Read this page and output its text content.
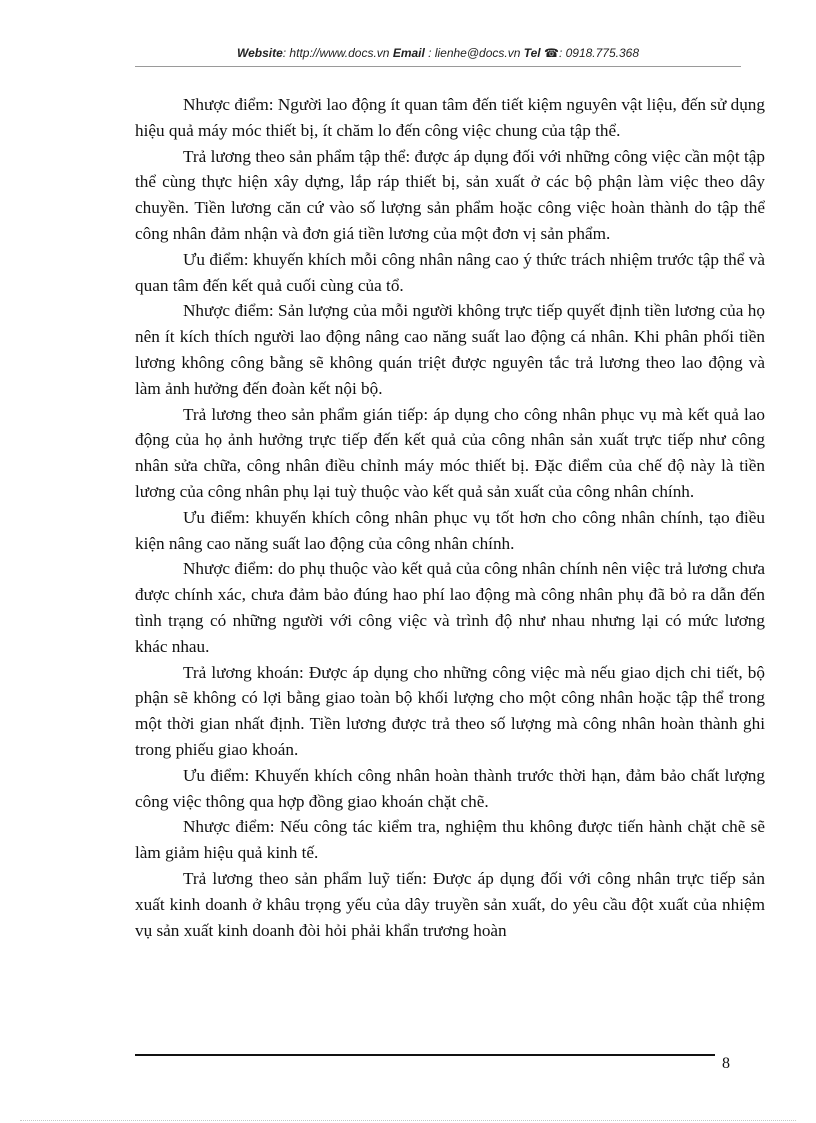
Website: http://www.docs.vn Email : lienhe@docs.vn Tel ☎: 0918.775.368

Nhược điểm: Người lao động ít quan tâm đến tiết kiệm nguyên vật liệu, đến sử dụng hiệu quả máy móc thiết bị, ít chăm lo đến công việc chung của tập thể.

Trả lương theo sản phẩm tập thể: được áp dụng đối với những công việc cần một tập thể cùng thực hiện xây dựng, lắp ráp thiết bị, sản xuất ở các bộ phận làm việc theo dây chuyền. Tiền lương căn cứ vào số lượng sản phẩm hoặc công việc hoàn thành do tập thể công nhân đảm nhận và đơn giá tiền lương của một đơn vị sản phẩm.

Ưu điểm: khuyến khích mỗi công nhân nâng cao ý thức trách nhiệm trước tập thể và quan tâm đến kết quả cuối cùng của tổ.

Nhược điểm: Sản lượng của mỗi người không trực tiếp quyết định tiền lương của họ nên ít kích thích người lao động nâng cao năng suất lao động cá nhân. Khi phân phối tiền lương không công bằng sẽ không quán triệt được nguyên tắc trả lương theo lao động và làm ảnh hưởng đến đoàn kết nội bộ.

Trả lương theo sản phẩm gián tiếp: áp dụng cho công nhân phục vụ mà kết quả lao động của họ ảnh hưởng trực tiếp đến kết quả của công nhân sản xuất trực tiếp như công nhân sửa chữa, công nhân điều chỉnh máy móc thiết bị. Đặc điểm của chế độ này là tiền lương của công nhân phụ lại tuỳ thuộc vào kết quả sản xuất của công nhân chính.

Ưu điểm: khuyến khích công nhân phục vụ tốt hơn cho công nhân chính, tạo điều kiện nâng cao năng suất lao động của công nhân chính.

Nhược điểm: do phụ thuộc vào kết quả của công nhân chính nên việc trả lương chưa được chính xác, chưa đảm bảo đúng hao phí lao động mà công nhân phụ đã bỏ ra dẫn đến tình trạng có những người với công việc và trình độ như nhau nhưng lại có mức lương khác nhau.

Trả lương khoán: Được áp dụng cho những công việc mà nếu giao dịch chi tiết, bộ phận sẽ không có lợi bằng giao toàn bộ khối lượng cho một công nhân hoặc tập thể trong một thời gian nhất định. Tiền lương được trả theo số lượng mà công nhân hoàn thành ghi trong phiếu giao khoán.

Ưu điểm: Khuyến khích công nhân hoàn thành trước thời hạn, đảm bảo chất lượng công việc thông qua hợp đồng giao khoán chặt chẽ.

Nhược điểm: Nếu công tác kiểm tra, nghiệm thu không được tiến hành chặt chẽ sẽ làm giảm hiệu quả kinh tế.

Trả lương theo sản phẩm luỹ tiến: Được áp dụng đối với công nhân trực tiếp sản xuất kinh doanh ở khâu trọng yếu của dây truyền sản xuất, do yêu cầu đột xuất của nhiệm vụ sản xuất kinh doanh đòi hỏi phải khẩn trương hoàn

8
